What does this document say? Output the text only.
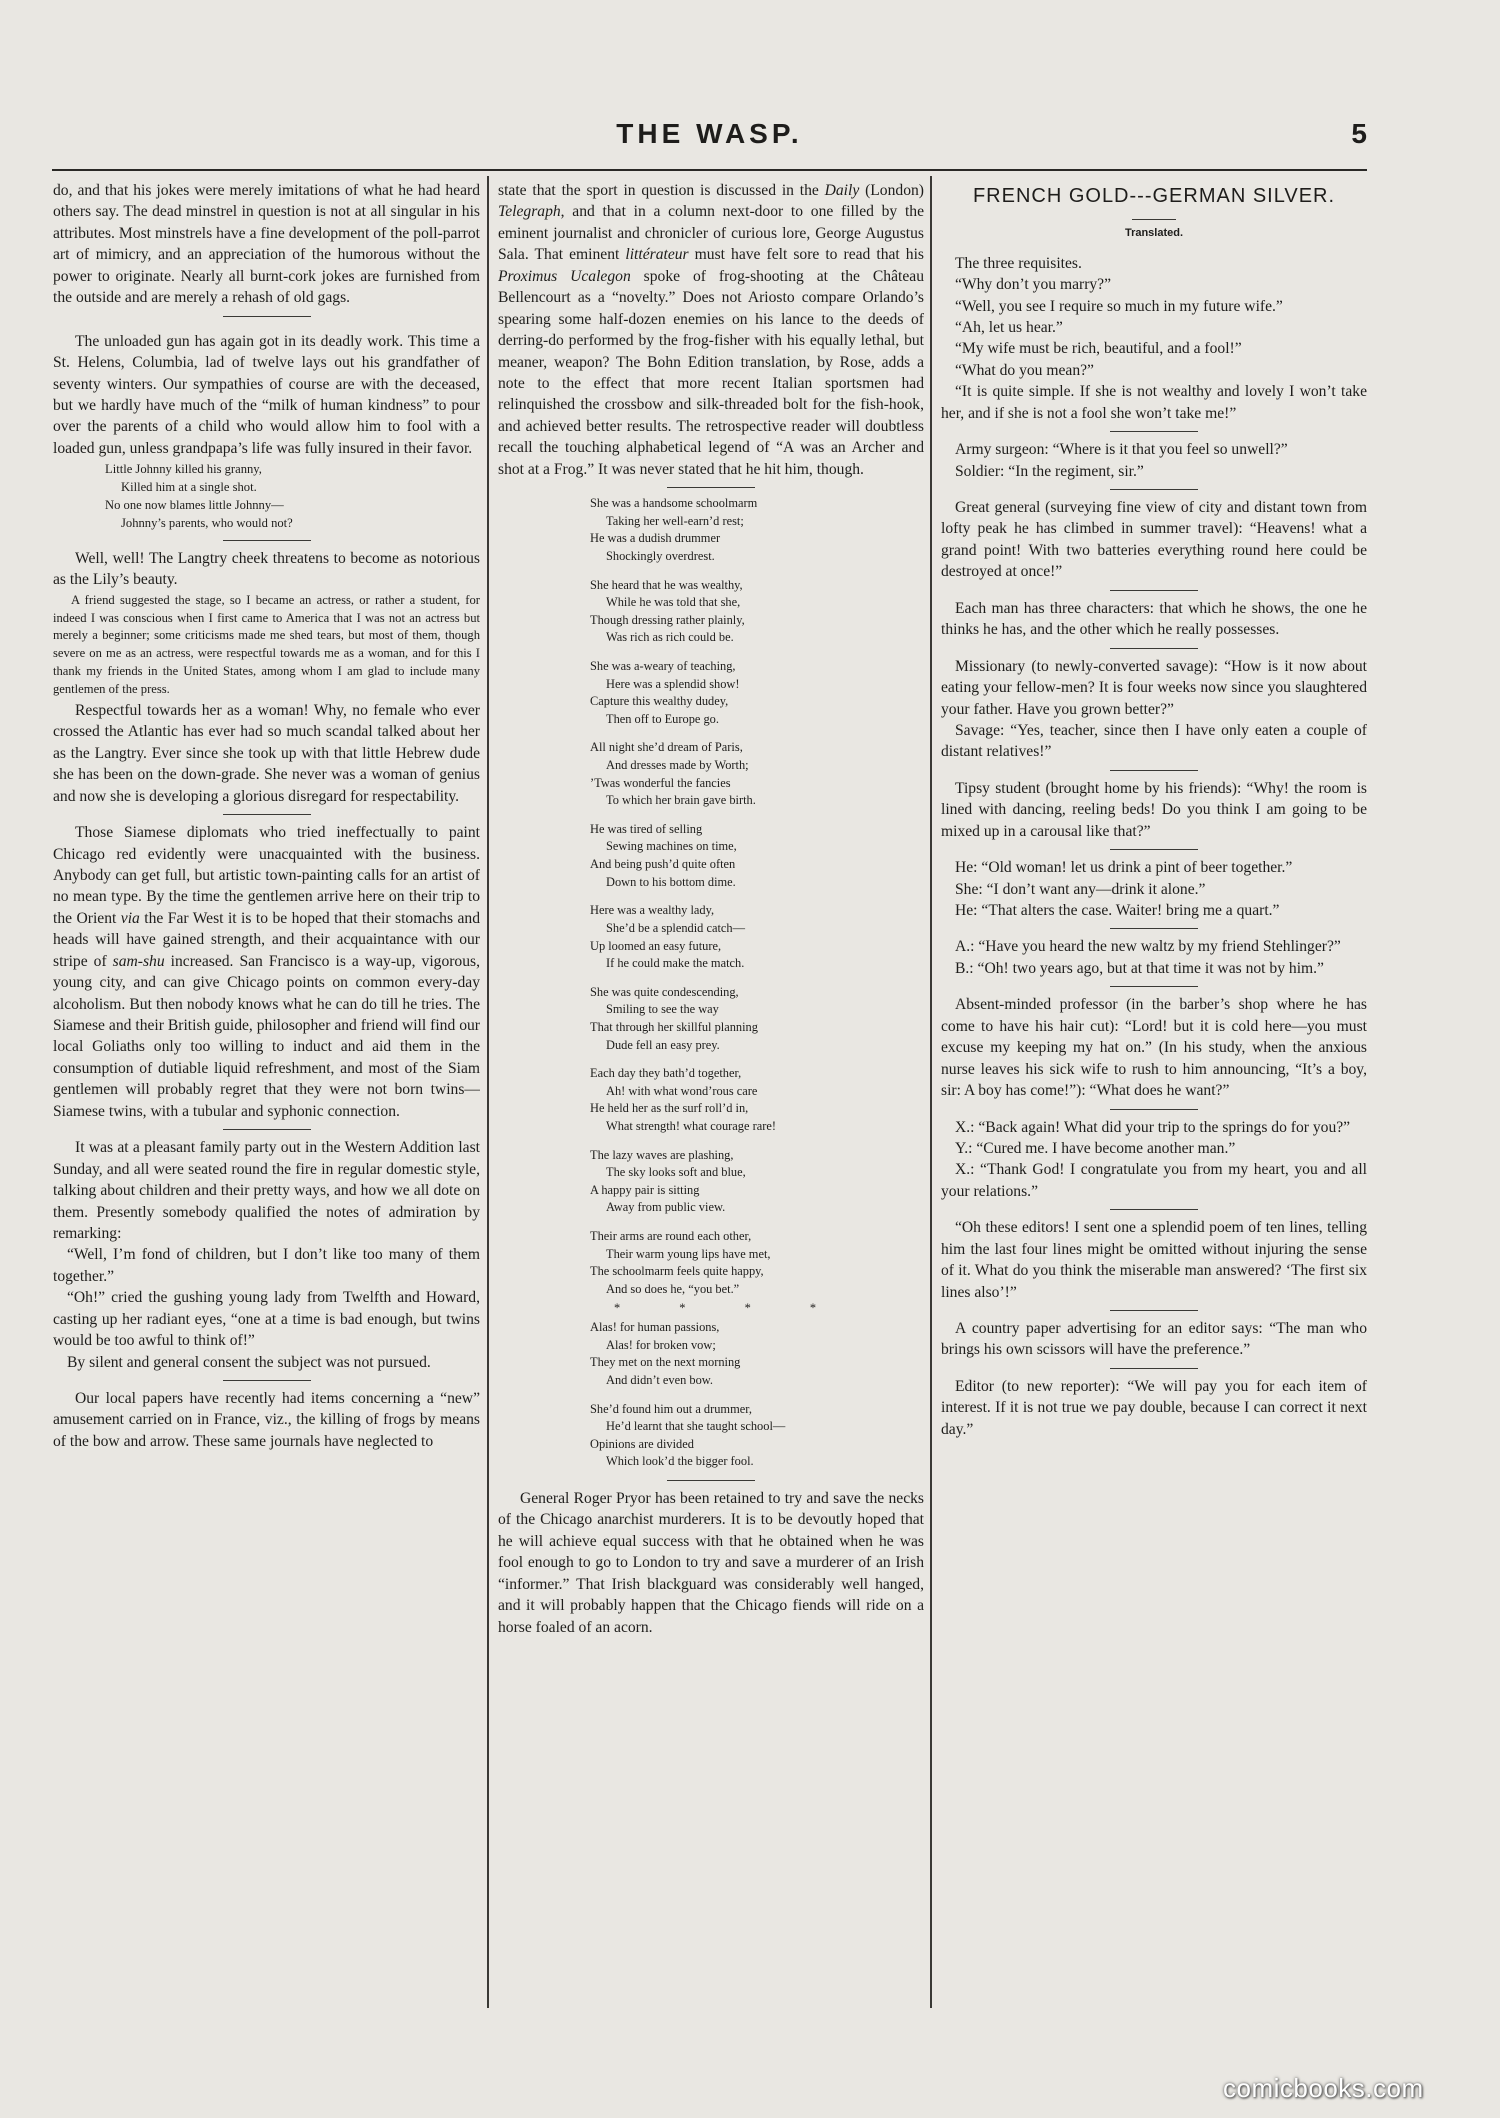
THE WASP.	5

do, and that his jokes were merely imitations of what he had heard others say. The dead minstrel in question is not at all singular in his attributes. Most minstrels have a fine development of the poll-parrot art of mimicry, and an appreciation of the humorous without the power to originate. Nearly all burnt-cork jokes are furnished from the outside and are merely a rehash of old gags.

The unloaded gun has again got in its deadly work. This time a St. Helens, Columbia, lad of twelve lays out his grandfather of seventy winters. Our sympathies of course are with the deceased, but we hardly have much of the “milk of human kindness” to pour over the parents of a child who would allow him to fool with a loaded gun, unless grandpapa’s life was fully insured in their favor.

Little Johnny killed his granny,
Killed him at a single shot.
No one now blames little Johnny—
Johnny’s parents, who would not?

Well, well! The Langtry cheek threatens to become as notorious as the Lily’s beauty.

A friend suggested the stage, so I became an actress, or rather a student, for indeed I was conscious when I first came to America that I was not an actress but merely a beginner; some criticisms made me shed tears, but most of them, though severe on me as an actress, were respectful towards me as a woman, and for this I thank my friends in the United States, among whom I am glad to include many gentlemen of the press.

Respectful towards her as a woman! Why, no female who ever crossed the Atlantic has ever had so much scandal talked about her as the Langtry. Ever since she took up with that little Hebrew dude she has been on the down-grade. She never was a woman of genius and now she is developing a glorious disregard for respectability.

Those Siamese diplomats who tried ineffectually to paint Chicago red evidently were unacquainted with the business. Anybody can get full, but artistic town-painting calls for an artist of no mean type. By the time the gentlemen arrive here on their trip to the Orient via the Far West it is to be hoped that their stomachs and heads will have gained strength, and their acquaintance with our stripe of sam-shu increased. San Francisco is a way-up, vigorous, young city, and can give Chicago points on common every-day alcoholism. But then nobody knows what he can do till he tries. The Siamese and their British guide, philosopher and friend will find our local Goliaths only too willing to induct and aid them in the consumption of dutiable liquid refreshment, and most of the Siam gentlemen will probably regret that they were not born twins—Siamese twins, with a tubular and syphonic connection.

It was at a pleasant family party out in the Western Addition last Sunday, and all were seated round the fire in regular domestic style, talking about children and their pretty ways, and how we all dote on them. Presently somebody qualified the notes of admiration by remarking:

“Well, I’m fond of children, but I don’t like too many of them together.”

“Oh!” cried the gushing young lady from Twelfth and Howard, casting up her radiant eyes, “one at a time is bad enough, but twins would be too awful to think of!”

By silent and general consent the subject was not pursued.

Our local papers have recently had items concerning a “new” amusement carried on in France, viz., the killing of frogs by means of the bow and arrow. These same journals have neglected to

state that the sport in question is discussed in the Daily (London) Telegraph, and that in a column next-door to one filled by the eminent journalist and chronicler of curious lore, George Augustus Sala. That eminent littérateur must have felt sore to read that his Proximus Ucalegon spoke of frog-shooting at the Château Bellencourt as a “novelty.” Does not Ariosto compare Orlando’s spearing some half-dozen enemies on his lance to the deeds of derring-do performed by the frog-fisher with his equally lethal, but meaner, weapon? The Bohn Edition translation, by Rose, adds a note to the effect that more recent Italian sportsmen had relinquished the crossbow and silk-threaded bolt for the fish-hook, and achieved better results. The retrospective reader will doubtless recall the touching alphabetical legend of “A was an Archer and shot at a Frog.” It was never stated that he hit him, though.

She was a handsome schoolmarm
Taking her well-earn’d rest;
He was a dudish drummer
Shockingly overdrest.
She heard that he was wealthy,
While he was told that she,
Though dressing rather plainly,
Was rich as rich could be.
She was a-weary of teaching,
Here was a splendid show!
Capture this wealthy dudey,
Then off to Europe go.
All night she’d dream of Paris,
And dresses made by Worth;
’Twas wonderful the fancies
To which her brain gave birth.
He was tired of selling
Sewing machines on time,
And being push’d quite often
Down to his bottom dime.
Here was a wealthy lady,
She’d be a splendid catch—
Up loomed an easy future,
If he could make the match.
She was quite condescending,
Smiling to see the way
That through her skillful planning
Dude fell an easy prey.
Each day they bath’d together,
Ah! with what wond’rous care
He held her as the surf roll’d in,
What strength! what courage rare!
The lazy waves are plashing,
The sky looks soft and blue,
A happy pair is sitting
Away from public view.
Their arms are round each other,
Their warm young lips have met,
The schoolmarm feels quite happy,
And so does he, “you bet.”
* * * *
Alas! for human passions,
Alas! for broken vow;
They met on the next morning
And didn’t even bow.
She’d found him out a drummer,
He’d learnt that she taught school—
Opinions are divided
Which look’d the bigger fool.

General Roger Pryor has been retained to try and save the necks of the Chicago anarchist murderers. It is to be devoutly hoped that he will achieve equal success with that he obtained when he was fool enough to go to London to try and save a murderer of an Irish “informer.” That Irish blackguard was considerably well hanged, and it will probably happen that the Chicago fiends will ride on a horse foaled of an acorn.

FRENCH GOLD---GERMAN SILVER.
Translated.

The three requisites.

“Why don’t you marry?”

“Well, you see I require so much in my future wife.”

“Ah, let us hear.”

“My wife must be rich, beautiful, and a fool!”

“What do you mean?”

“It is quite simple. If she is not wealthy and lovely I won’t take her, and if she is not a fool she won’t take me!”

Army surgeon: “Where is it that you feel so unwell?”

Soldier: “In the regiment, sir.”

Great general (surveying fine view of city and distant town from lofty peak he has climbed in summer travel): “Heavens! what a grand point! With two batteries everything round here could be destroyed at once!”

Each man has three characters: that which he shows, the one he thinks he has, and the other which he really possesses.

Missionary (to newly-converted savage): “How is it now about eating your fellow-men? It is four weeks now since you slaughtered your father. Have you grown better?”

Savage: “Yes, teacher, since then I have only eaten a couple of distant relatives!”

Tipsy student (brought home by his friends): “Why! the room is lined with dancing, reeling beds! Do you think I am going to be mixed up in a carousal like that?”

He: “Old woman! let us drink a pint of beer together.”

She: “I don’t want any—drink it alone.”

He: “That alters the case. Waiter! bring me a quart.”

A.: “Have you heard the new waltz by my friend Stehlinger?”

B.: “Oh! two years ago, but at that time it was not by him.”

Absent-minded professor (in the barber’s shop where he has come to have his hair cut): “Lord! but it is cold here—you must excuse my keeping my hat on.” (In his study, when the anxious nurse leaves his sick wife to rush to him announcing, “It’s a boy, sir: A boy has come!”): “What does he want?”

X.: “Back again! What did your trip to the springs do for you?”

Y.: “Cured me. I have become another man.”

X.: “Thank God! I congratulate you from my heart, you and all your relations.”

“Oh these editors! I sent one a splendid poem of ten lines, telling him the last four lines might be omitted without injuring the sense of it. What do you think the miserable man answered? ‘The first six lines also’!”

A country paper advertising for an editor says: “The man who brings his own scissors will have the preference.”

Editor (to new reporter): “We will pay you for each item of interest. If it is not true we pay double, because I can correct it next day.”

comicbooks.com
